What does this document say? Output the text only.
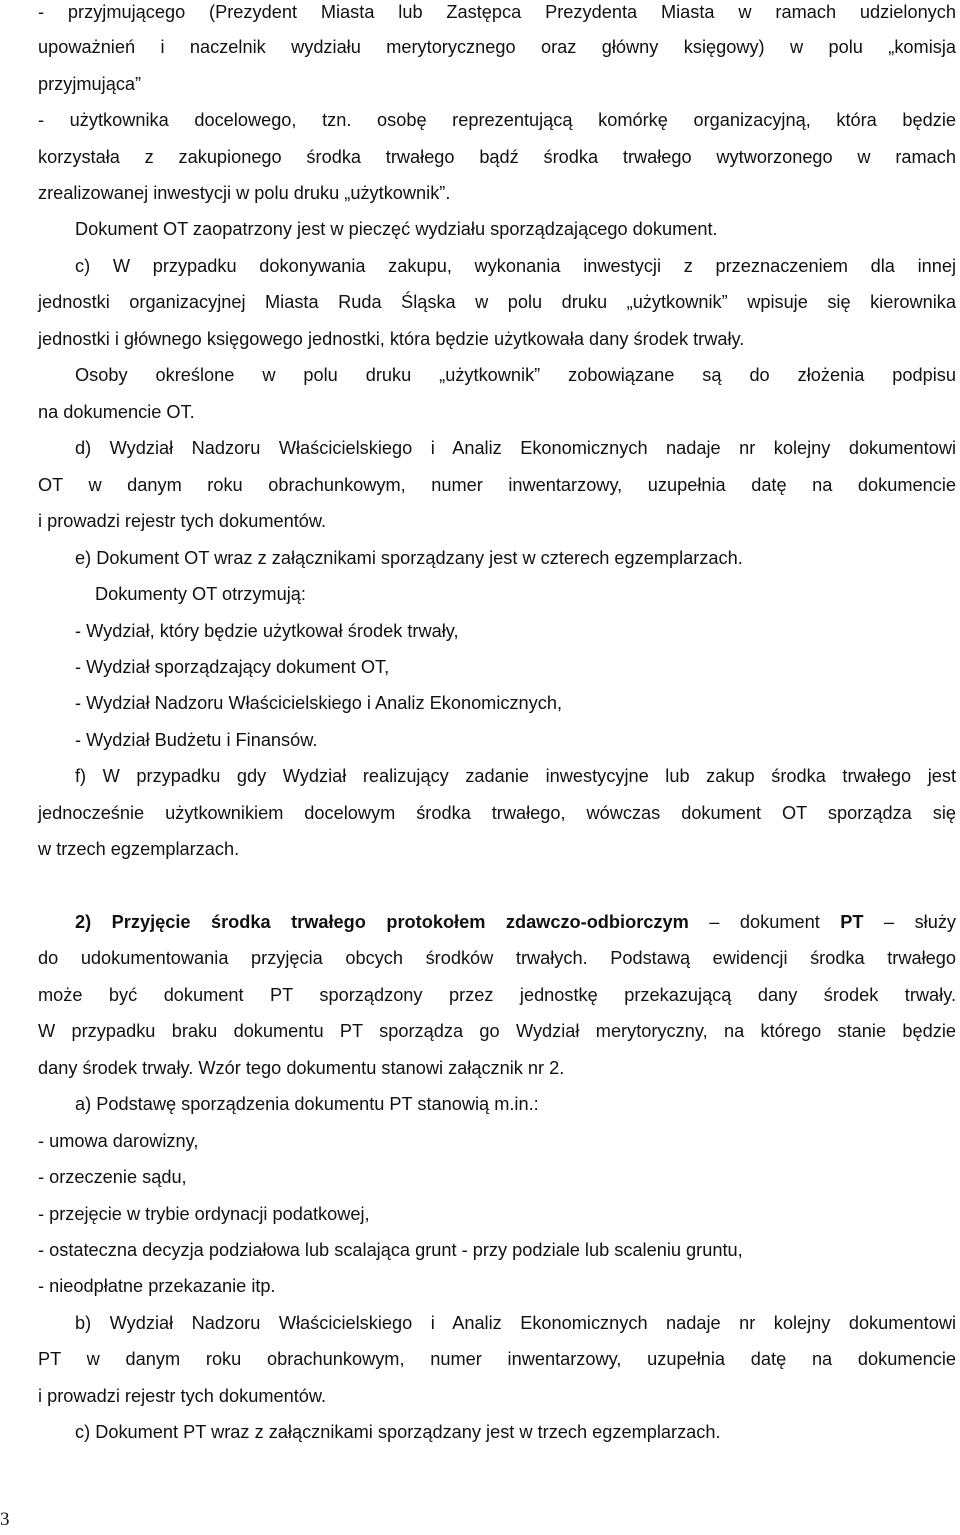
- przyjmującego (Prezydent Miasta lub Zastępca Prezydenta Miasta w ramach udzielonych
upoważnień i naczelnik wydziału merytorycznego oraz główny księgowy) w polu „komisja
przyjmująca”
- użytkownika docelowego, tzn. osobę reprezentującą komórkę organizacyjną, która będzie
korzystała z zakupionego środka trwałego bądź środka trwałego wytworzonego w ramach
zrealizowanej inwestycji w polu druku „użytkownik”.
Dokument OT zaopatrzony jest w pieczęć wydziału sporządzającego dokument.
c) W przypadku dokonywania zakupu, wykonania inwestycji z przeznaczeniem dla innej
jednostki organizacyjnej Miasta Ruda Śląska w polu druku „użytkownik” wpisuje się kierownika
jednostki i głównego księgowego jednostki, która będzie użytkowała dany środek trwały.
Osoby określone w polu druku „użytkownik” zobowiązane są do złożenia podpisu
na dokumencie OT.
d) Wydział Nadzoru Właścicielskiego i Analiz Ekonomicznych nadaje nr kolejny dokumentowi
OT w danym roku obrachunkowym, numer inwentarzowy, uzupełnia datę na dokumencie
i prowadzi rejestr tych dokumentów.
e) Dokument OT wraz z załącznikami sporządzany jest w czterech egzemplarzach.
Dokumenty OT otrzymują:
- Wydział, który będzie użytkował środek trwały,
- Wydział sporządzający dokument OT,
- Wydział Nadzoru Właścicielskiego i Analiz Ekonomicznych,
- Wydział Budżetu i Finansów.
f) W przypadku gdy Wydział realizujący zadanie inwestycyjne lub zakup środka trwałego jest
jednocześnie użytkownikiem docelowym środka trwałego, wówczas dokument OT sporządza się
w trzech egzemplarzach.
2) Przyjęcie środka trwałego protokołem zdawczo-odbiorczym – dokument PT – służy
do udokumentowania przyjęcia obcych środków trwałych. Podstawą ewidencji środka trwałego
może być dokument PT sporządzony przez jednostkę przekazującą dany środek trwały.
W przypadku braku dokumentu PT sporządza go Wydział merytoryczny, na którego stanie będzie
dany środek trwały. Wzór tego dokumentu stanowi załącznik nr 2.
a) Podstawę sporządzenia dokumentu PT stanowią m.in.:
- umowa darowizny,
- orzeczenie sądu,
- przejęcie w trybie ordynacji podatkowej,
- ostateczna decyzja podziałowa lub scalająca grunt - przy podziale lub scaleniu gruntu,
- nieodpłatne przekazanie itp.
b) Wydział Nadzoru Właścicielskiego i Analiz Ekonomicznych nadaje nr kolejny dokumentowi
PT w danym roku obrachunkowym, numer inwentarzowy, uzupełnia datę na dokumencie
i prowadzi rejestr tych dokumentów.
c) Dokument PT wraz z załącznikami sporządzany jest w trzech egzemplarzach.
3
